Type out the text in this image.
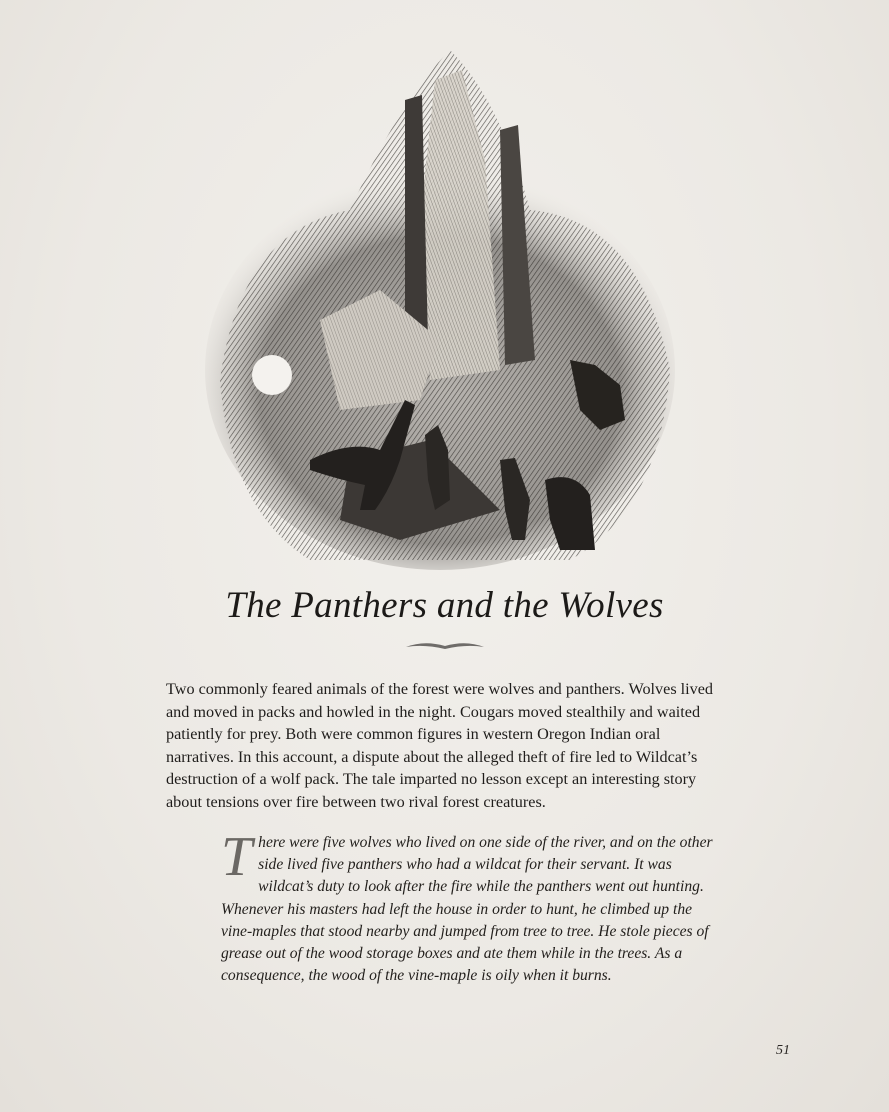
The Panthers and the Wolves

Two commonly feared animals of the forest were wolves and panthers. Wolves lived and moved in packs and howled in the night. Cougars moved stealthily and waited patiently for prey. Both were common figures in western Oregon Indian oral narratives. In this account, a dispute about the alleged theft of fire led to Wildcat’s destruction of a wolf pack. The tale imparted no lesson except an interesting story about tensions over fire between two rival forest creatures.

T here were five wolves who lived on one side of the river, and on the other side lived five panthers who had a wildcat for their servant. It was wildcat’s duty to look after the fire while the panthers went out hunting. Whenever his masters had left the house in order to hunt, he climbed up the vine-maples that stood nearby and jumped from tree to tree. He stole pieces of grease out of the wood storage boxes and ate them while in the trees. As a consequence, the wood of the vine-maple is oily when it burns.
51
